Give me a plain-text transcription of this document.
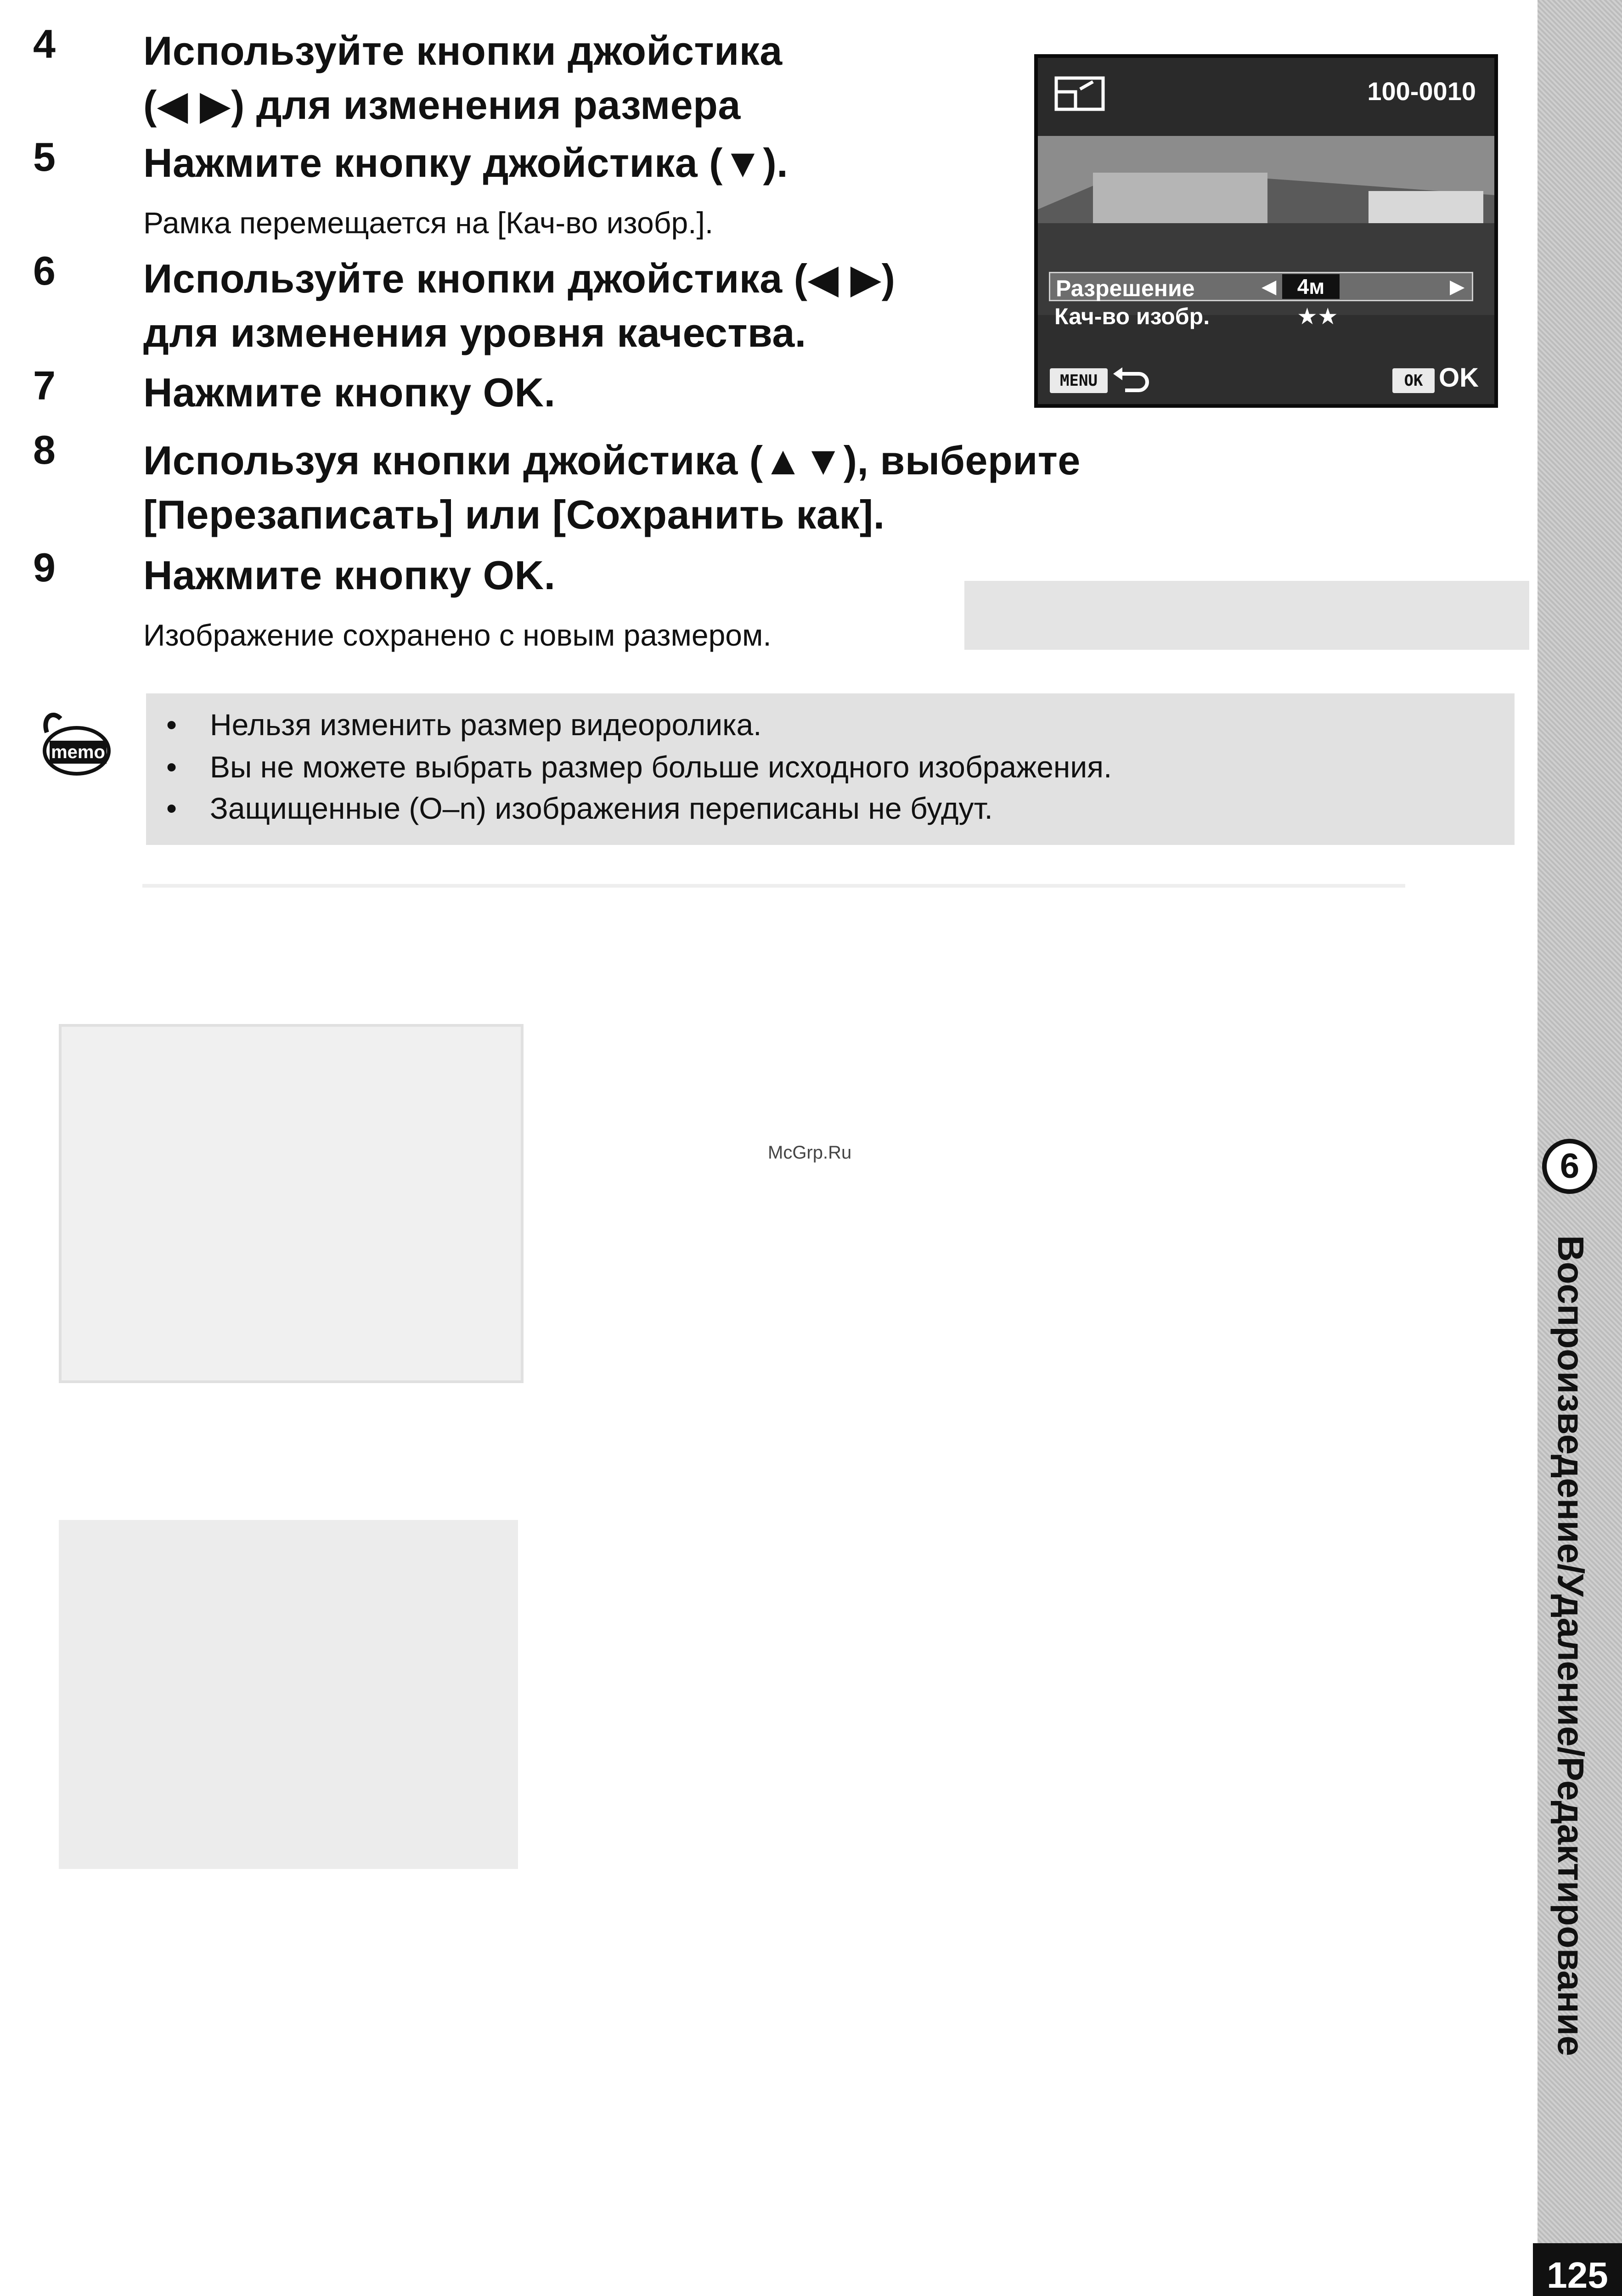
4 Используйте кнопки джойстика
(◀ ▶) для изменения размера
5 Нажмите кнопку джойстика (▼).
Рамка перемещается на [Кач-во изобр.].
6 Используйте кнопки джойстика (◀ ▶)
для изменения уровня качества.
7 Нажмите кнопку OK.
8 Используя кнопки джойстика (▲▼), выберите
[Перезаписать] или [Сохранить как].
9 Нажмите кнопку OK.
Изображение сохранено с новым размером.
100-0010
Разрешение	◀ 4м	▶
Кач-во изобр.	★★
MENU	OK OK
memo
• Нельзя изменить размер видеоролика.
• Вы не можете выбрать размер больше исходного изображения.
• Защищенные (O‒n) изображения переписаны не будут.
McGrp.Ru	6
Воспроизведение/Удаление/Редактирование
125
